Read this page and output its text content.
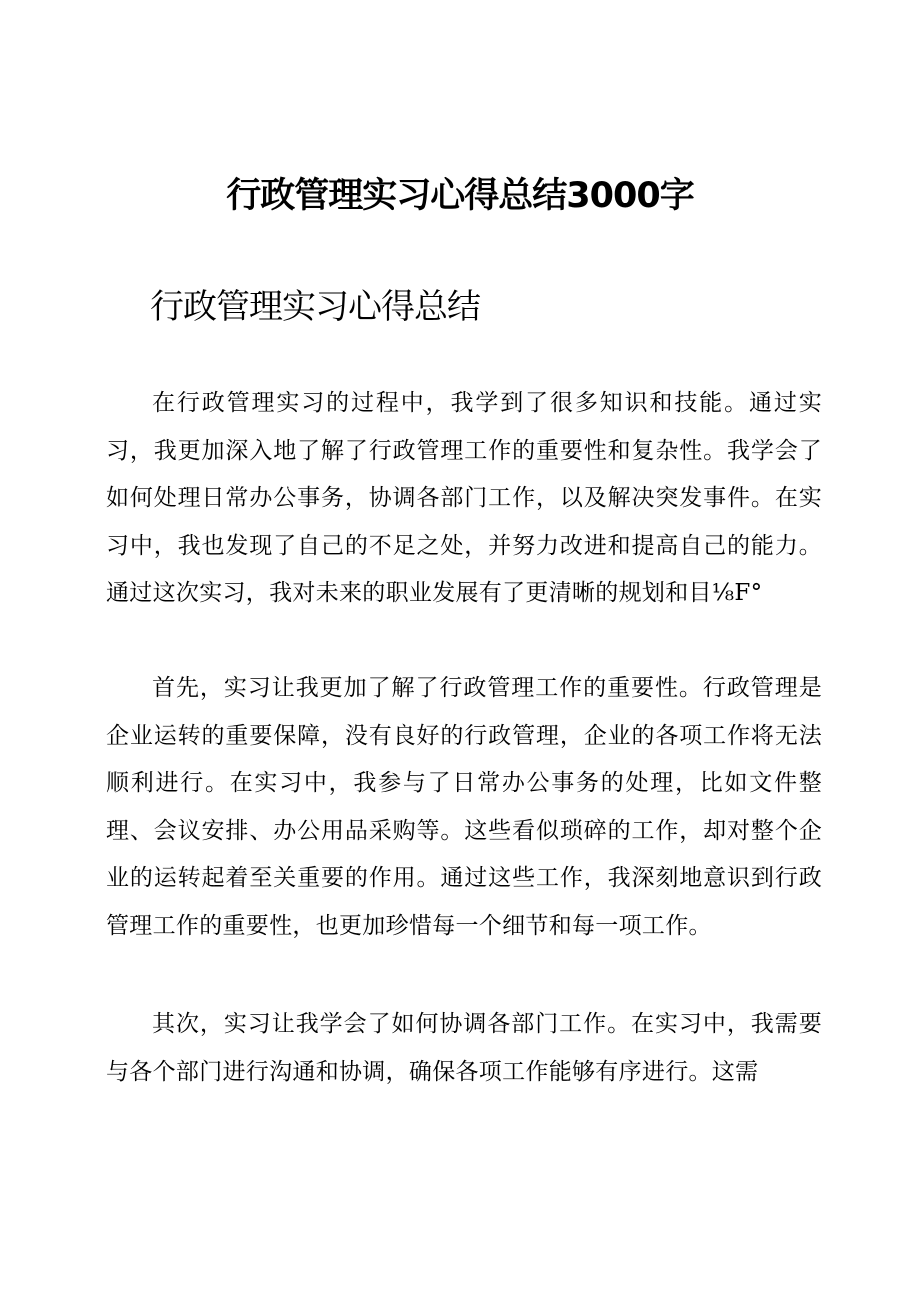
行政管理实习心得总结3000字
行政管理实习心得总结

在行政管理实习的过程中，我学到了很多知识和技能。通过实习，我更加深入地了解了行政管理工作的重要性和复杂性。我学会了如何处理日常办公事务，协调各部门工作，以及解决突发事件。在实习中，我也发现了自己的不足之处，并努力改进和提高自己的能力。通过这次实习，我对未来的职业发展有了更清晰的规划和目⅛F°

首先，实习让我更加了解了行政管理工作的重要性。行政管理是企业运转的重要保障，没有良好的行政管理，企业的各项工作将无法顺利进行。在实习中，我参与了日常办公事务的处理，比如文件整理、会议安排、办公用品采购等。这些看似琐碎的工作，却对整个企业的运转起着至关重要的作用。通过这些工作，我深刻地意识到行政管理工作的重要性，也更加珍惜每一个细节和每一项工作。

其次，实习让我学会了如何协调各部门工作。在实习中，我需要与各个部门进行沟通和协调，确保各项工作能够有序进行。这需
